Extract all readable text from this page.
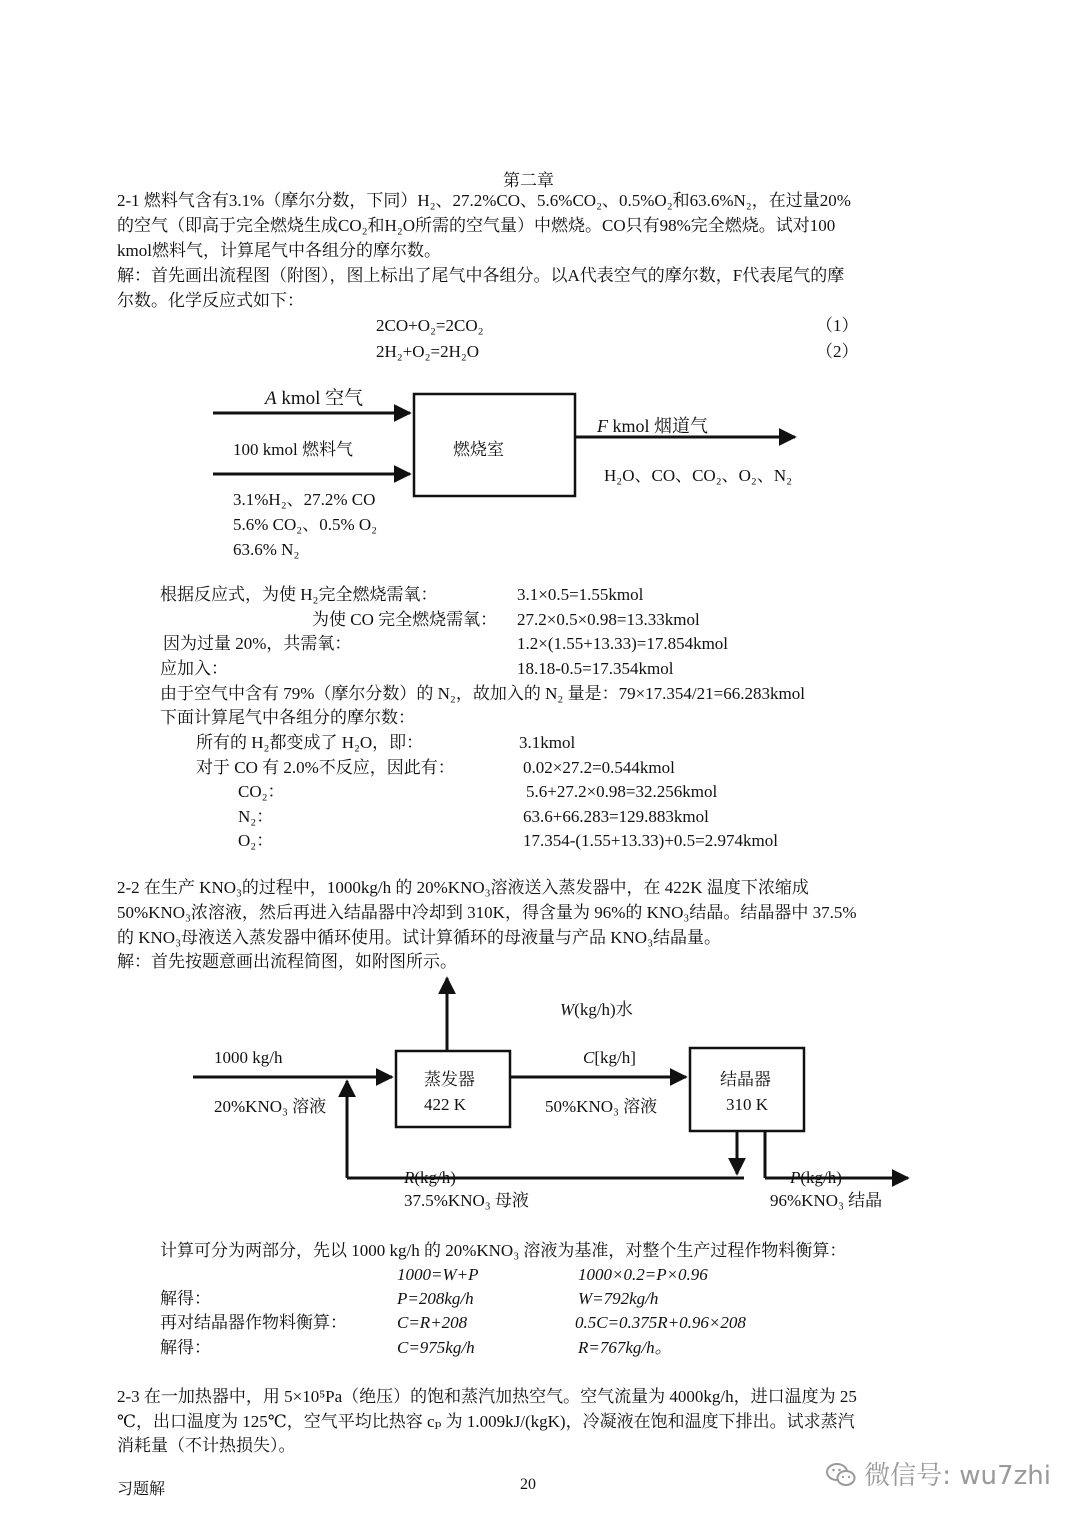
第二章
2-1 燃料气含有3.1%（摩尔分数，下同）H₂、27.2%CO、5.6%CO₂、0.5%O₂和63.6%N₂，在过量20%
的空气（即高于完全燃烧生成CO₂和H₂O所需的空气量）中燃烧。CO只有98%完全燃烧。试对100
kmol燃料气，计算尾气中各组分的摩尔数。
解：首先画出流程图（附图），图上标出了尾气中各组分。以A代表空气的摩尔数，F代表尾气的摩
尔数。化学反应式如下：
2CO+O₂=2CO₂	（1）
2H₂+O₂=2H₂O	（2）
A kmol 空气
100 kmol 燃料气
3.1%H₂、27.2% CO
5.6% CO₂、0.5% O₂
63.6% N₂
燃烧室
F kmol 烟道气
H₂O、CO、CO₂、O₂、N₂
根据反应式，为使 H₂完全燃烧需氧：	3.1×0.5=1.55kmol
为使 CO 完全燃烧需氧： 27.2×0.5×0.98=13.33kmol
因为过量 20%，共需氧：	1.2×(1.55+13.33)=17.854kmol
应加入：	18.18-0.5=17.354kmol
由于空气中含有 79%（摩尔分数）的 N₂，故加入的 N₂ 量是：79×17.354/21=66.283kmol
下面计算尾气中各组分的摩尔数：
所有的 H₂都变成了 H₂O，即：	3.1kmol
对于 CO 有 2.0%不反应，因此有：	0.02×27.2=0.544kmol
CO₂：	5.6+27.2×0.98=32.256kmol
N₂：	63.6+66.283=129.883kmol
O₂：	17.354-(1.55+13.33)+0.5=2.974kmol
2-2 在生产 KNO₃的过程中，1000kg/h 的 20%KNO₃溶液送入蒸发器中，在 422K 温度下浓缩成
50%KNO₃浓溶液，然后再进入结晶器中冷却到 310K，得含量为 96%的 KNO₃结晶。结晶器中 37.5%
的 KNO₃母液送入蒸发器中循环使用。试计算循环的母液量与产品 KNO₃结晶量。
解：首先按题意画出流程简图，如附图所示。
W(kg/h)水
1000 kg/h
20%KNO₃ 溶液
蒸发器
422 K
C[kg/h]
50%KNO₃ 溶液
结晶器
310 K
R(kg/h)
37.5%KNO₃ 母液
P(kg/h)
96%KNO₃ 结晶
计算可分为两部分，先以 1000 kg/h 的 20%KNO₃ 溶液为基准，对整个生产过程作物料衡算：
1000=W+P	1000×0.2=P×0.96
解得：	P=208kg/h	W=792kg/h
再对结晶器作物料衡算：	C=R+208	0.5C=0.375R+0.96×208
解得：	C=975kg/h	R=767kg/h。
2-3 在一加热器中，用 5×10⁵Pa（绝压）的饱和蒸汽加热空气。空气流量为 4000kg/h，进口温度为 25
℃，出口温度为 125℃，空气平均比热容 cₚ 为 1.009kJ/(kgK)，冷凝液在饱和温度下排出。试求蒸汽
消耗量（不计热损失）。
习题解	20	微信号: wu7zhi
